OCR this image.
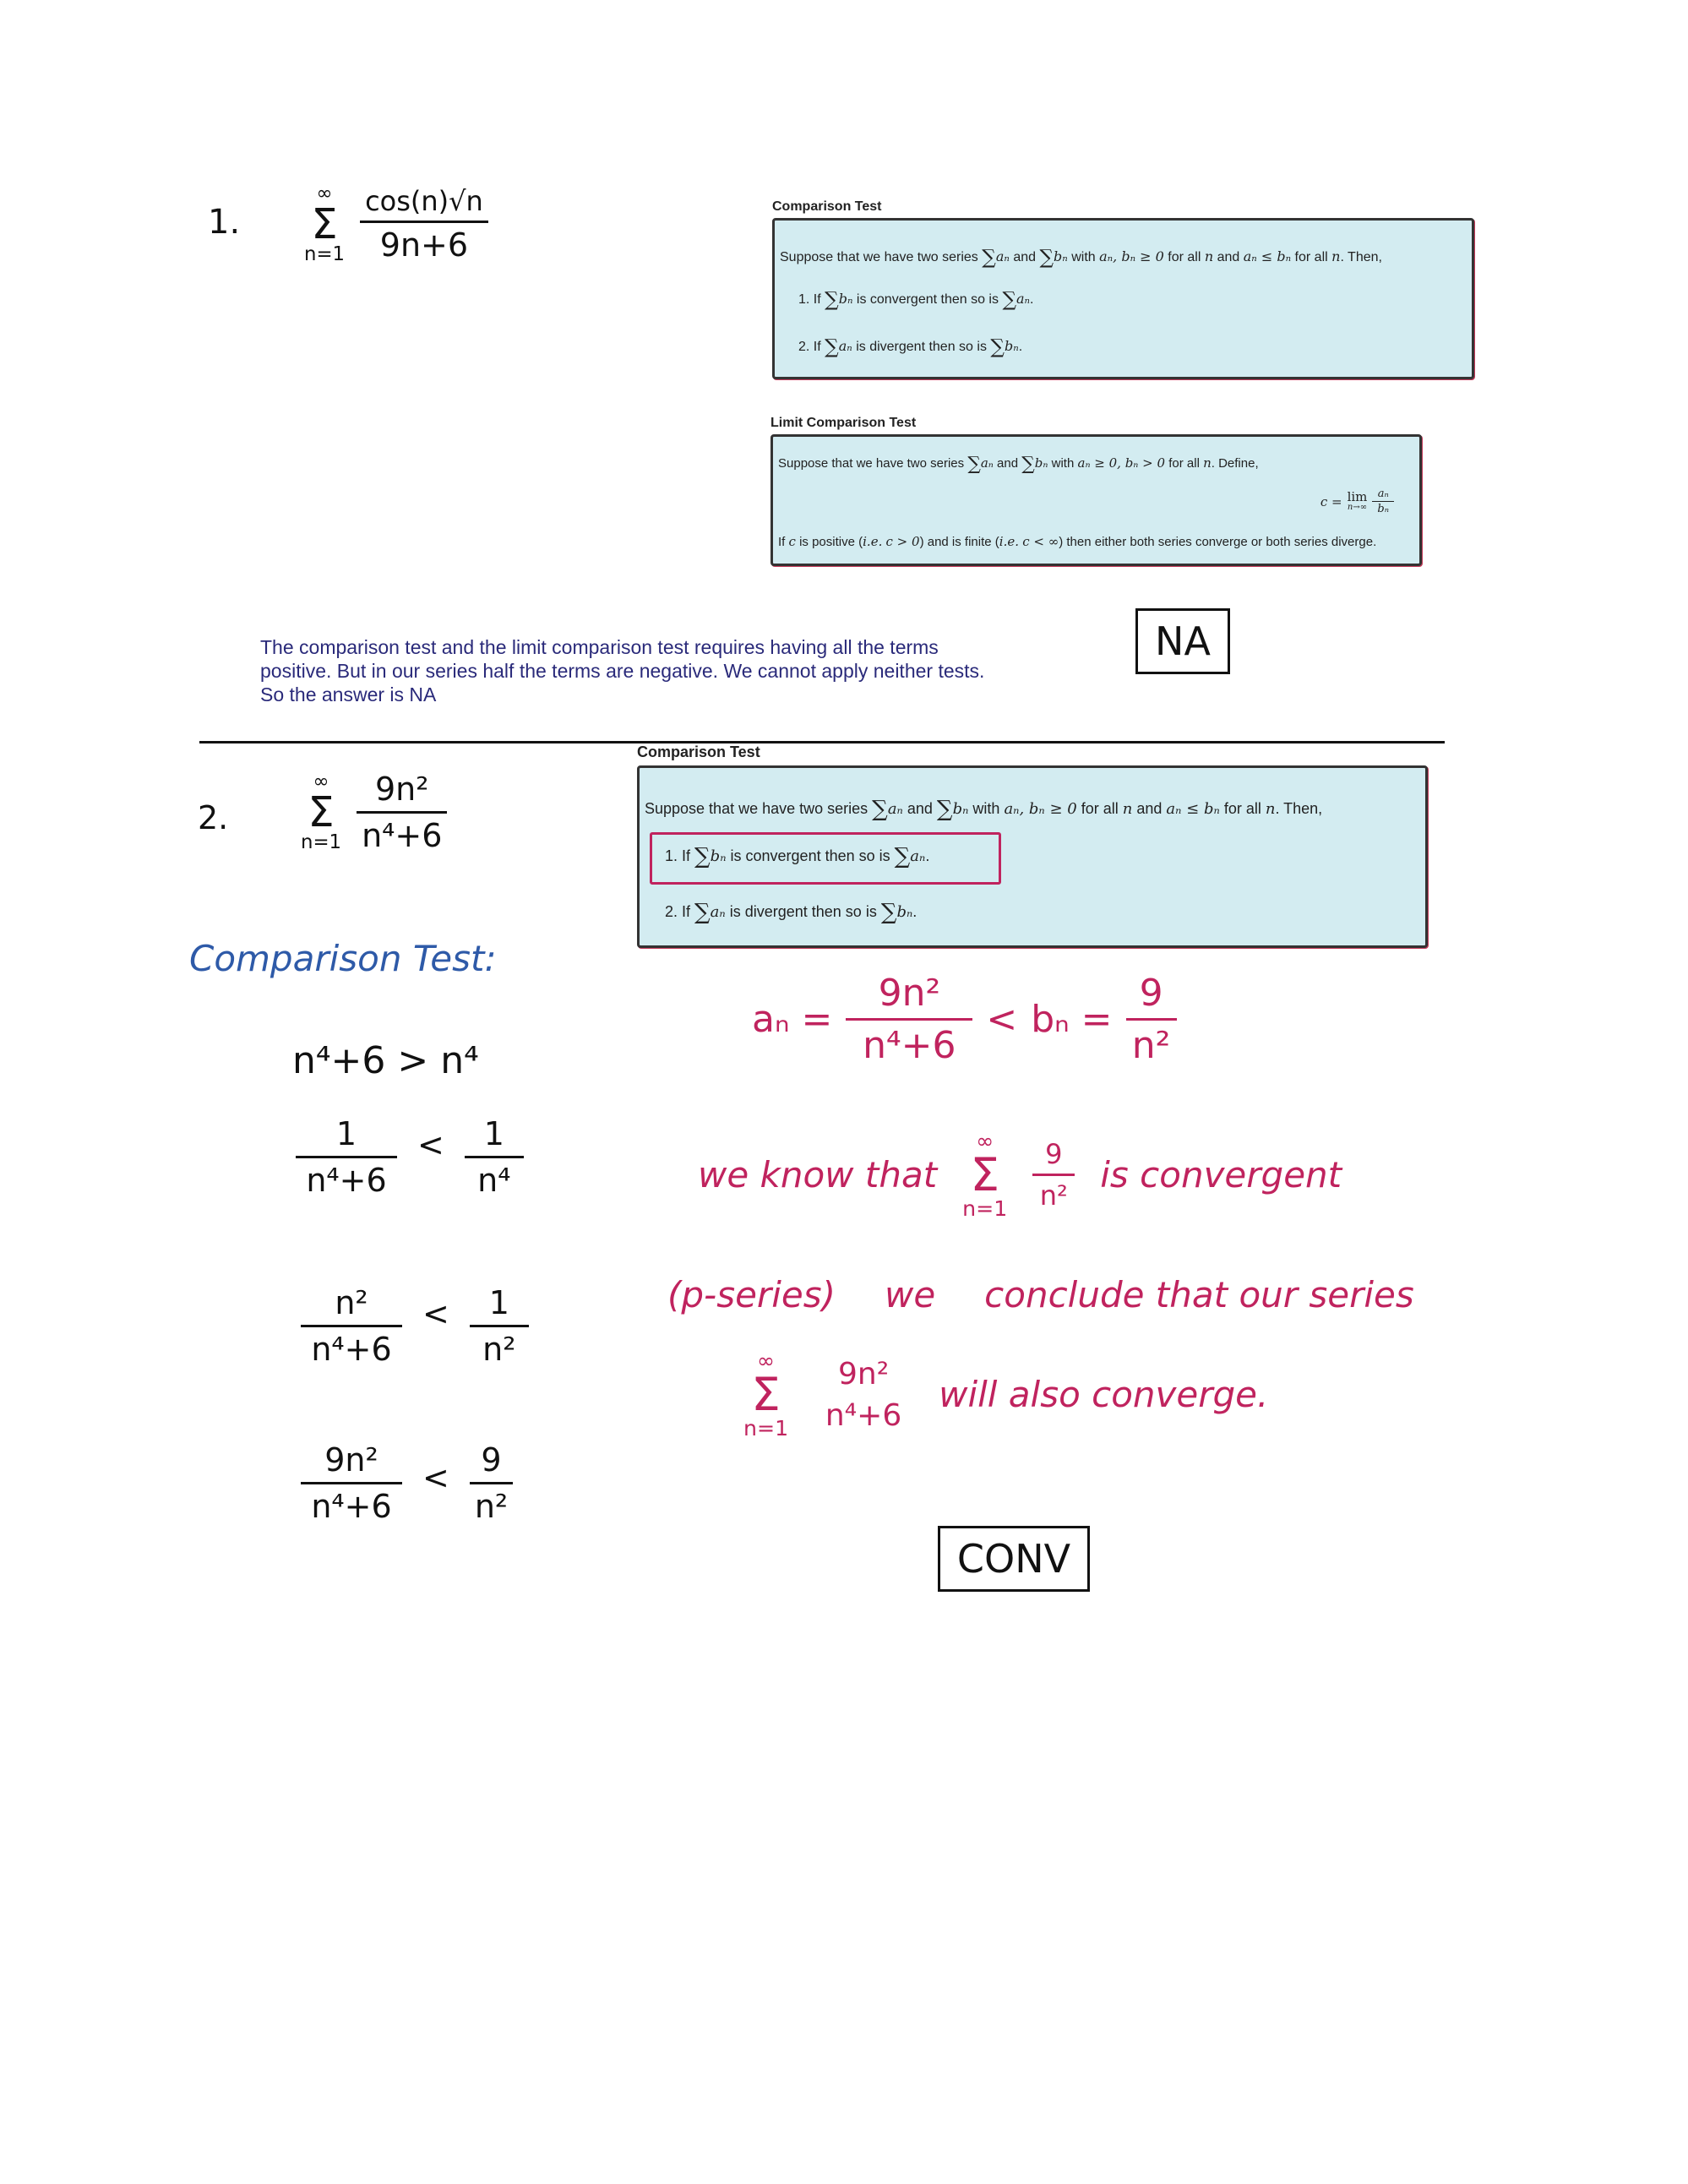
1.
∞
Σ
$n=1 \frac{\cos(n)√n}{9n+6}$	Comparison Test
Suppose that we have two series ∑aₙ and ∑bₙ with aₙ, bₙ ≥ 0 for all n and aₙ ≤ bₙ for all n. Then,
1. If ∑bₙ is convergent then so is ∑aₙ.
2. If ∑aₙ is divergent then so is ∑bₙ.
Limit Comparison Test
Suppose that we have two series ∑aₙ and ∑bₙ with aₙ ≥ 0, bₙ > 0 for all n. Define,
c = lim
$n\to\infty \frac{\text{aₙ}}{\text{bₙ}}$
If c is positive (i.e. c > 0) and is finite (i.e. c < ∞) then either both series converge or both series diverge.
The comparison test and the limit comparison test requires having all the terms
positive. But in our series half the terms are negative. We cannot apply neither tests.
So the answer is NA
NA
2.
∞
Σ
$n=1 \frac{\text{9n²}}{\text{n⁴+6}}$
Comparison Test
Suppose that we have two series ∑aₙ and ∑bₙ with aₙ, bₙ ≥ 0 for all n and aₙ ≤ bₙ for all n. Then,
1. If ∑bₙ is convergent then so is ∑aₙ.
2. If ∑aₙ is divergent then so is ∑bₙ.
Comparison Test:
n⁴+6 > n⁴
$\frac{1}{\text{n⁴+6}} < \frac{1}{\text{n⁴}}$
$\frac{\text{n²}}{\text{n⁴+6}} < \frac{1}{\text{n²}}$
$\frac{\text{9n²}}{\text{n⁴+6}} < \frac{9}{\text{n²}}$
$a_n = \frac{\text{9n²}}{\text{n⁴+6}} < b_n = \frac{9}{\text{n²}}$
we know that
∞
Σ
$n=1 \frac{9}{\text{n²}}$ is convergent
(p-series) we conclude that our series
∞
Σ
$n=1 \frac{\text{9n²}}{\text{n⁴+6}}$ will also converge.
CONV
